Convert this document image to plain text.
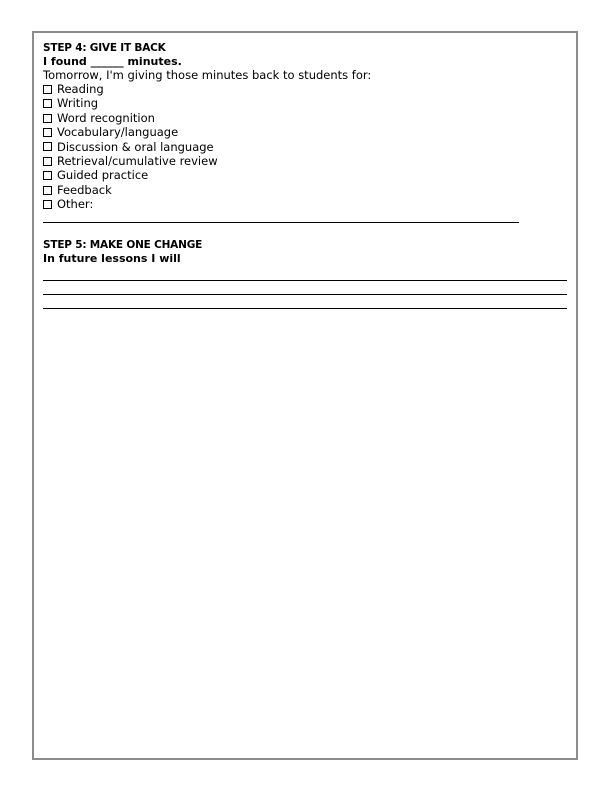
STEP 4: GIVE IT BACK

I found ______ minutes.

Tomorrow, I'm giving those minutes back to students for:

Reading
Writing
Word recognition
Vocabulary/language
Discussion & oral language
Retrieval/cumulative review
Guided practice
Feedback
Other:

STEP 5: MAKE ONE CHANGE

In future lessons I will
